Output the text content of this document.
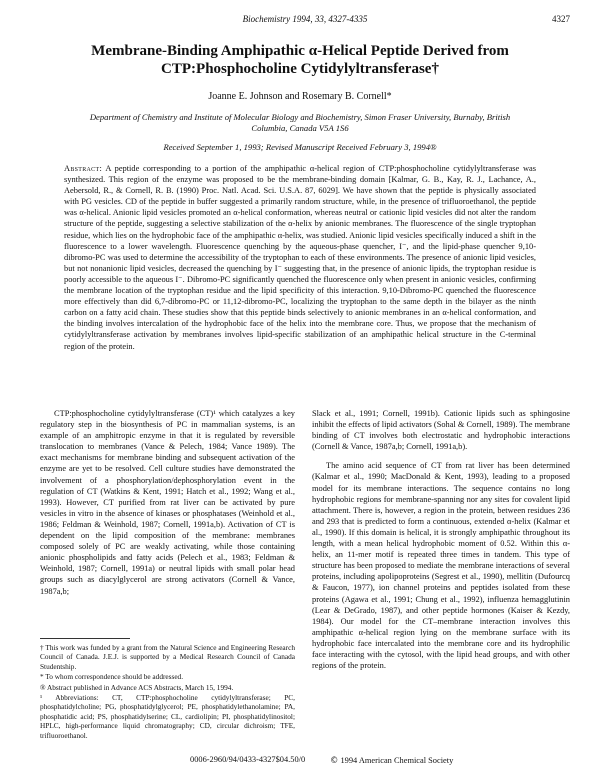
Biochemistry 1994, 33, 4327-4335	4327
Membrane-Binding Amphipathic α-Helical Peptide Derived from CTP:Phosphocholine Cytidylyltransferase†
Joanne E. Johnson and Rosemary B. Cornell*
Department of Chemistry and Institute of Molecular Biology and Biochemistry, Simon Fraser University, Burnaby, British Columbia, Canada V5A 1S6
Received September 1, 1993; Revised Manuscript Received February 3, 1994®
Abstract: A peptide corresponding to a portion of the amphipathic α-helical region of CTP:phosphocholine cytidylyltransferase was synthesized. This region of the enzyme was proposed to be the membrane-binding domain [Kalmar, G. B., Kay, R. J., Lachance, A., Aebersold, R., & Cornell, R. B. (1990) Proc. Natl. Acad. Sci. U.S.A. 87, 6029]. We have shown that the peptide is physically associated with PG vesicles. CD of the peptide in buffer suggested a primarily random structure, while, in the presence of trifluoroethanol, the peptide was α-helical. Anionic lipid vesicles promoted an α-helical conformation, whereas neutral or cationic lipid vesicles did not alter the random structure of the peptide, suggesting a selective stabilization of the α-helix by anionic membranes. The fluorescence of the single tryptophan residue, which lies on the hydrophobic face of the amphipathic α-helix, was studied. Anionic lipid vesicles specifically induced a shift in the fluorescence to a lower wavelength. Fluorescence quenching by the aqueous-phase quencher, I⁻, and the lipid-phase quencher 9,10-dibromo-PC was used to determine the accessibility of the tryptophan to each of these environments. The presence of anionic lipid vesicles, but not nonanionic lipid vesicles, decreased the quenching by I⁻ suggesting that, in the presence of anionic lipids, the tryptophan residue is poorly accessible to the aqueous I⁻. Dibromo-PC significantly quenched the fluorescence only when present in anionic vesicles, confirming the membrane location of the tryptophan residue and the lipid specificity of this interaction. 9,10-Dibromo-PC quenched the fluorescence more effectively than did 6,7-dibromo-PC or 11,12-dibromo-PC, localizing the tryptophan to the same depth in the bilayer as the ninth carbon on a fatty acid chain. These studies show that this peptide binds selectively to anionic membranes in an α-helical conformation, and the binding involves intercalation of the hydrophobic face of the helix into the membrane core. Thus, we propose that the mechanism of cytidylyltransferase activation by membranes involves lipid-specific stabilization of an amphipathic helical structure in the C-terminal region of the protein.

CTP:phosphocholine cytidylyltransferase (CT)¹ which catalyzes a key regulatory step in the biosynthesis of PC in mammalian systems, is an example of an amphitropic enzyme in that it is regulated by reversible translocation to membranes (Vance & Pelech, 1984; Vance 1989). The exact mechanisms for membrane binding and subsequent activation of the enzyme are yet to be resolved. Cell culture studies have demonstrated the involvement of a phosphorylation/dephosphorylation event in the regulation of CT (Watkins & Kent, 1991; Hatch et al., 1992; Wang et al., 1993). However, CT purified from rat liver can be activated by pure vesicles in vitro in the absence of kinases or phosphatases (Weinhold et al., 1986; Feldman & Weinhold, 1987; Cornell, 1991a,b). Activation of CT is dependent on the lipid composition of the membrane: membranes composed solely of PC are weakly activating, while those containing anionic phospholipids and fatty acids (Pelech et al., 1983; Feldman & Weinhold, 1987; Cornell, 1991a) or neutral lipids with small polar head groups such as diacylglycerol are strong activators (Cornell & Vance, 1987a,b;

Slack et al., 1991; Cornell, 1991b). Cationic lipids such as sphingosine inhibit the effects of lipid activators (Sohal & Cornell, 1989). The membrane binding of CT involves both electrostatic and hydrophobic interactions (Cornell & Vance, 1987a,b; Cornell, 1991a,b).

The amino acid sequence of CT from rat liver has been determined (Kalmar et al., 1990; MacDonald & Kent, 1993), leading to a proposed model for its membrane interactions. The sequence contains no long hydrophobic regions for membrane-spanning nor any sites for covalent lipid attachment. There is, however, a region in the protein, between residues 236 and 293 that is predicted to form a continuous, extended α-helix (Kalmar et al., 1990). If this domain is helical, it is strongly amphipathic throughout its length, with a mean helical hydrophobic moment of 0.52. Within this α-helix, an 11-mer motif is repeated three times in tandem. This type of structure has been proposed to mediate the membrane interactions of several proteins, including apolipoproteins (Segrest et al., 1990), mellitin (Dufourcq & Faucon, 1977), ion channel proteins and peptides isolated from these proteins (Agawa et al., 1991; Chung et al., 1992), influenza hemagglutinin (Lear & DeGrado, 1987), and other peptide hormones (Kaiser & Kezdy, 1984). Our model for the CT–membrane interaction involves this amphipathic α-helical region lying on the membrane surface with its hydrophobic face intercalated into the membrane core and its hydrophilic face interacting with the cytosol, with the lipid head groups, and with other regions of the protein.

† This work was funded by a grant from the Natural Science and Engineering Research Council of Canada. J.E.J. is supported by a Medical Research Council of Canada Studentship.

* To whom correspondence should be addressed.

® Abstract published in Advance ACS Abstracts, March 15, 1994.

¹ Abbreviations: CT, CTP:phosphocholine cytidylyltransferase; PC, phosphatidylcholine; PG, phosphatidylglycerol; PE, phosphatidylethanolamine; PA, phosphatidic acid; PS, phosphatidylserine; CL, cardiolipin; PI, phosphatidylinositol; HPLC, high-performance liquid chromatography; CD, circular dichroism; TFE, trifluoroethanol.

0006-2960/94/0433-4327$04.50/0	© 1994 American Chemical Society
